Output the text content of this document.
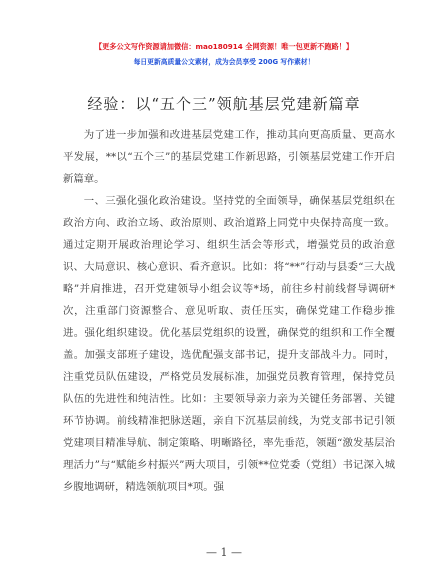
【更多公文写作资源请加微信：mao180914 全网资源！唯一包更新不跑路！】
每日更新高质量公文素材，成为会员享受 200G 写作素材！
经验：以“五个三”领航基层党建新篇章

为了进一步加强和改进基层党建工作，推动其向更高质量、更高水平发展，**以“五个三”的基层党建工作新思路，引领基层党建工作开启新篇章。

一、三强化强化政治建设。坚持党的全面领导，确保基层党组织在政治方向、政治立场、政治原则、政治道路上同党中央保持高度一致。通过定期开展政治理论学习、组织生活会等形式，增强党员的政治意识、大局意识、核心意识、看齐意识。比如：将“**”行动与县委“三大战略”并肩推进，召开党建领导小组会议等*场，前往乡村前线督导调研*次，注重部门资源整合、意见听取、责任压实，确保党建工作稳步推进。强化组织建设。优化基层党组织的设置，确保党的组织和工作全覆盖。加强支部班子建设，选优配强支部书记，提升支部战斗力。同时，注重党员队伍建设，严格党员发展标准，加强党员教育管理，保持党员队伍的先进性和纯洁性。比如：主要领导亲力亲为关键任务部署、关键环节协调。前线精准把脉送题，亲自下沉基层前线，为党支部书记引领党建项目精准导航、制定策略、明晰路径，率先垂范，领题“激发基层治理活力”与“赋能乡村振兴”两大项目，引领**位党委（党组）书记深入城乡腹地调研，精选领航项目*项。强

— 1 —
